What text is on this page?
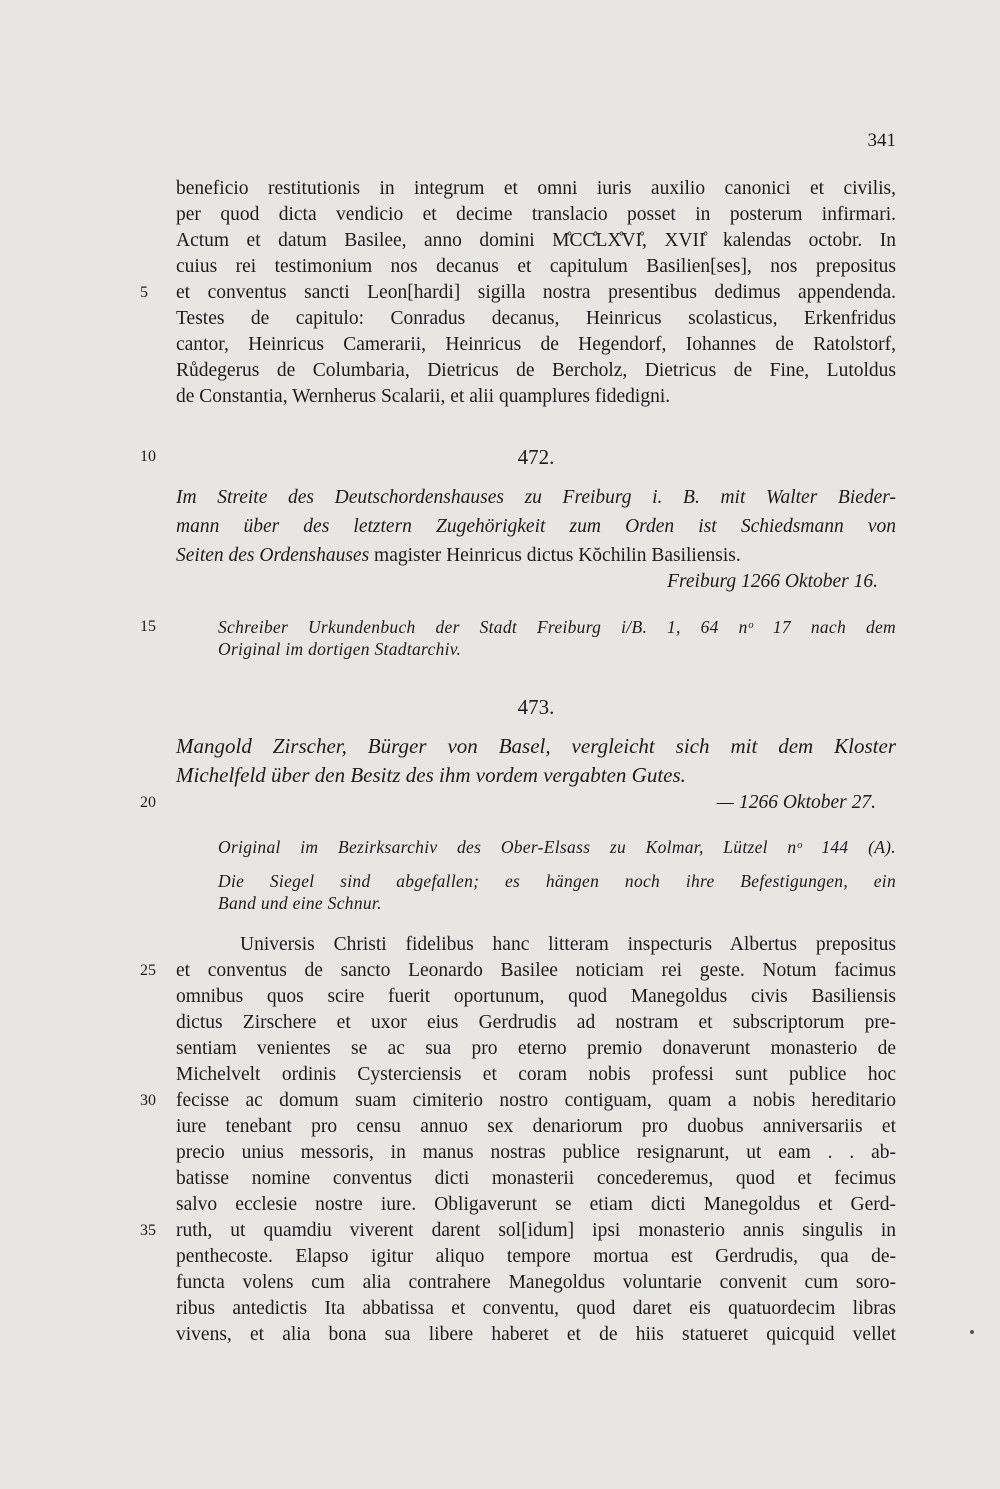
341
beneficio restitutionis in integrum et omni iuris auxilio canonici et civilis,
per quod dicta vendicio et decime translacio posset in posterum infirmari.
Actum et datum Basilee, anno domini M̊CC̊LX̊VI̊, XVII̊ kalendas octobr. In
cuius rei testimonium nos decanus et capitulum Basilien[ses], nos prepositus
5	et conventus sancti Leon[hardi] sigilla nostra presentibus dedimus appendenda.
Testes de capitulo: Conradus decanus, Heinricus scolasticus, Erkenfridus
cantor, Heinricus Camerarii, Heinricus de Hegendorf, Iohannes de Ratolstorf,
Růdegerus de Columbaria, Dietricus de Bercholz, Dietricus de Fine, Lutoldus
de Constantia, Wernherus Scalarii, et alii quamplures fidedigni.
10	472.
Im Streite des Deutschordenshauses zu Freiburg i. B. mit Walter Bieder-
mann über des letztern Zugehörigkeit zum Orden ist Schiedsmann von
Seiten des Ordenshauses magister Heinricus dictus Kŏchilin Basiliensis.
Freiburg 1266 Oktober 16.
15	Schreiber Urkundenbuch der Stadt Freiburg i/B. 1, 64 nᵒ 17 nach dem
Original im dortigen Stadtarchiv.
473.
Mangold Zirscher, Bürger von Basel, vergleicht sich mit dem Kloster
Michelfeld über den Besitz des ihm vordem vergabten Gutes.
20	— 1266 Oktober 27.
Original im Bezirksarchiv des Ober-Elsass zu Kolmar, Lützel nᵒ 144 (A).
Die Siegel sind abgefallen; es hängen noch ihre Befestigungen, ein
Band und eine Schnur.
Universis Christi fidelibus hanc litteram inspecturis Albertus prepositus
25	et conventus de sancto Leonardo Basilee noticiam rei geste. Notum facimus
omnibus quos scire fuerit oportunum, quod Manegoldus civis Basiliensis
dictus Zirschere et uxor eius Gerdrudis ad nostram et subscriptorum pre-
sentiam venientes se ac sua pro eterno premio donaverunt monasterio de
Michelvelt ordinis Cysterciensis et coram nobis professi sunt publice hoc
30	fecisse ac domum suam cimiterio nostro contiguam, quam a nobis hereditario
iure tenebant pro censu annuo sex denariorum pro duobus anniversariis et
precio unius messoris, in manus nostras publice resignarunt, ut eam . . ab-
batisse nomine conventus dicti monasterii concederemus, quod et fecimus
salvo ecclesie nostre iure. Obligaverunt se etiam dicti Manegoldus et Gerd-
35	ruth, ut quamdiu viverent darent sol[idum] ipsi monasterio annis singulis in
penthecoste. Elapso igitur aliquo tempore mortua est Gerdrudis, qua de-
functa volens cum alia contrahere Manegoldus voluntarie convenit cum soro-
ribus antedictis Ita abbatissa et conventu, quod daret eis quatuordecim libras
vivens, et alia bona sua libere haberet et de hiis statueret quicquid vellet
